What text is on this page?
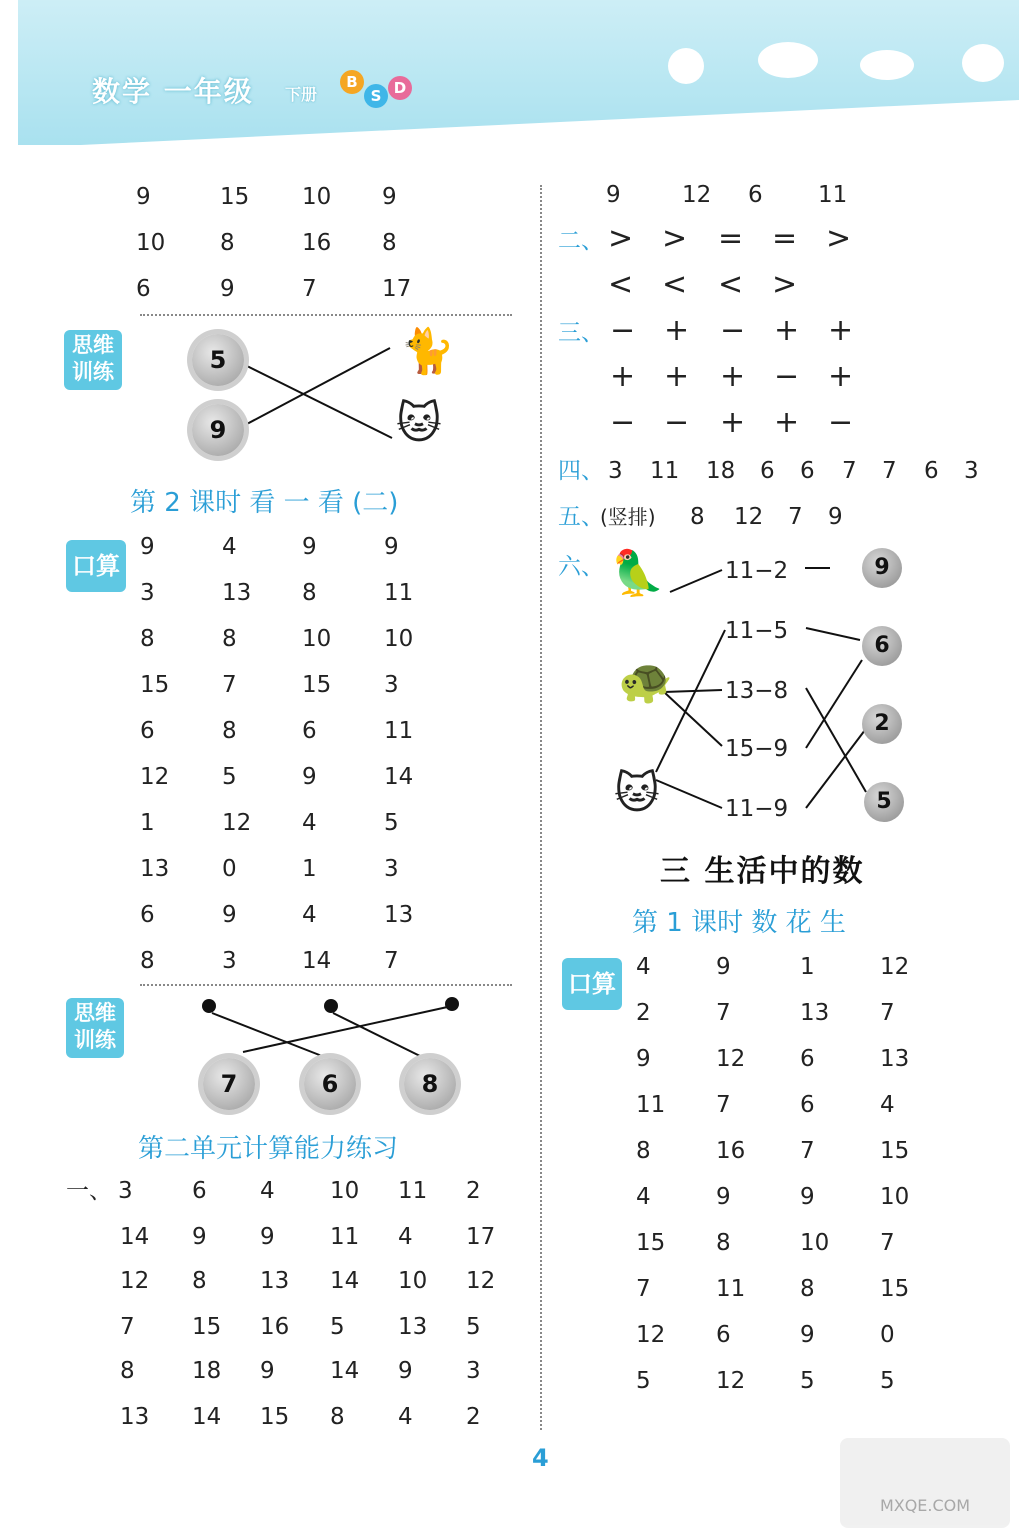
数学 一年级 下册
B
S D
9	15 10 9
10 8	16 8
6	9	7	17
思维
训练	5
9
🐈
🐱
第 2 课时 看 一 看 (二)
口算
9	4	9	9
3	13 8	11
8	8	10 10
15 7	15 3
6	8	6	11
12 5	9	14
1	12 4	5
13 0	1	3
6	9	4	13
8	3	14 7
思维
训练
7	6	8
第二单元计算能力练习
一、 3	6 4 10 11 2
14 9 9 11 4 17
12 8 13 14 10 12
7 15 16 5 13 5
8 18 9 14 9 3
13 14 15 8 4 2
9	12 6 11
二、 > > = = >
< < < >
三、 − + − + +
+ + + − +
− − + + −
四、 3 11 18 6 6 7 7 6 3
五、
(竖排) 8 12 7 9
六、 🦜
🐢
🐱
11−2
11−5
13−8
15−9
11−9
9
6
2
5
三 生活中的数
第 1 课时 数 花 生
口算
4	9	1	12
2	7	13 7
9	12 6	13
11 7	6	4
8	16 7	15
4	9	9	10
15 8	10 7
7	11 8	15
12 6	9	0
5	12 5	5
4
MXQE.COM
